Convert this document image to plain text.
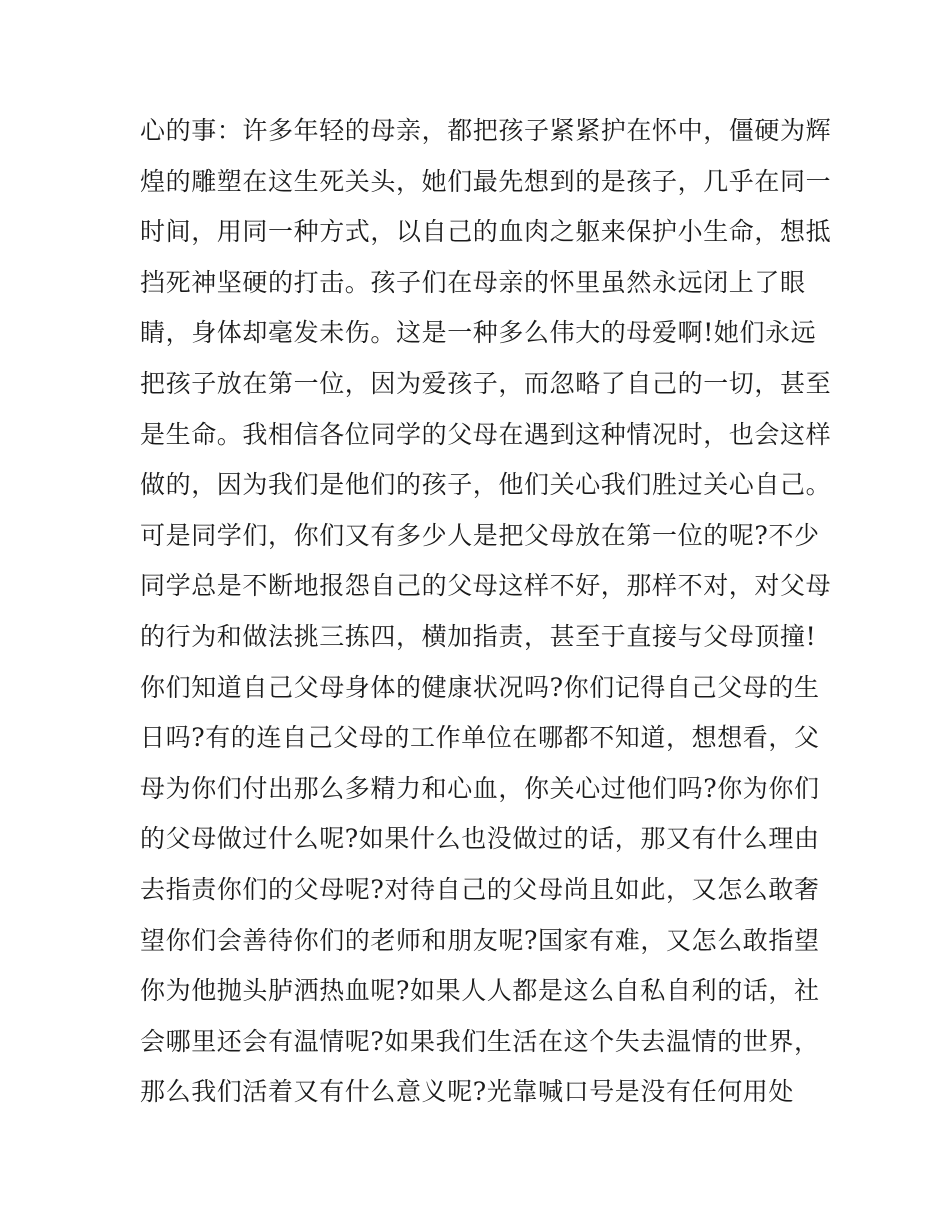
心的事：许多年轻的母亲，都把孩子紧紧护在怀中，僵硬为辉
煌的雕塑在这生死关头，她们最先想到的是孩子，几乎在同一
时间，用同一种方式，以自己的血肉之躯来保护小生命，想抵
挡死神坚硬的打击。孩子们在母亲的怀里虽然永远闭上了眼
睛，身体却毫发未伤。这是一种多么伟大的母爱啊!她们永远
把孩子放在第一位，因为爱孩子，而忽略了自己的一切，甚至
是生命。我相信各位同学的父母在遇到这种情况时，也会这样
做的，因为我们是他们的孩子，他们关心我们胜过关心自己。
可是同学们，你们又有多少人是把父母放在第一位的呢?不少
同学总是不断地报怨自己的父母这样不好，那样不对，对父母
的行为和做法挑三拣四，横加指责，甚至于直接与父母顶撞!
你们知道自己父母身体的健康状况吗?你们记得自己父母的生
日吗?有的连自己父母的工作单位在哪都不知道，想想看，父
母为你们付出那么多精力和心血，你关心过他们吗?你为你们
的父母做过什么呢?如果什么也没做过的话，那又有什么理由
去指责你们的父母呢?对待自己的父母尚且如此，又怎么敢奢
望你们会善待你们的老师和朋友呢?国家有难，又怎么敢指望
你为他抛头胪洒热血呢?如果人人都是这么自私自利的话，社
会哪里还会有温情呢?如果我们生活在这个失去温情的世界，
那么我们活着又有什么意义呢?光靠喊口号是没有任何用处
